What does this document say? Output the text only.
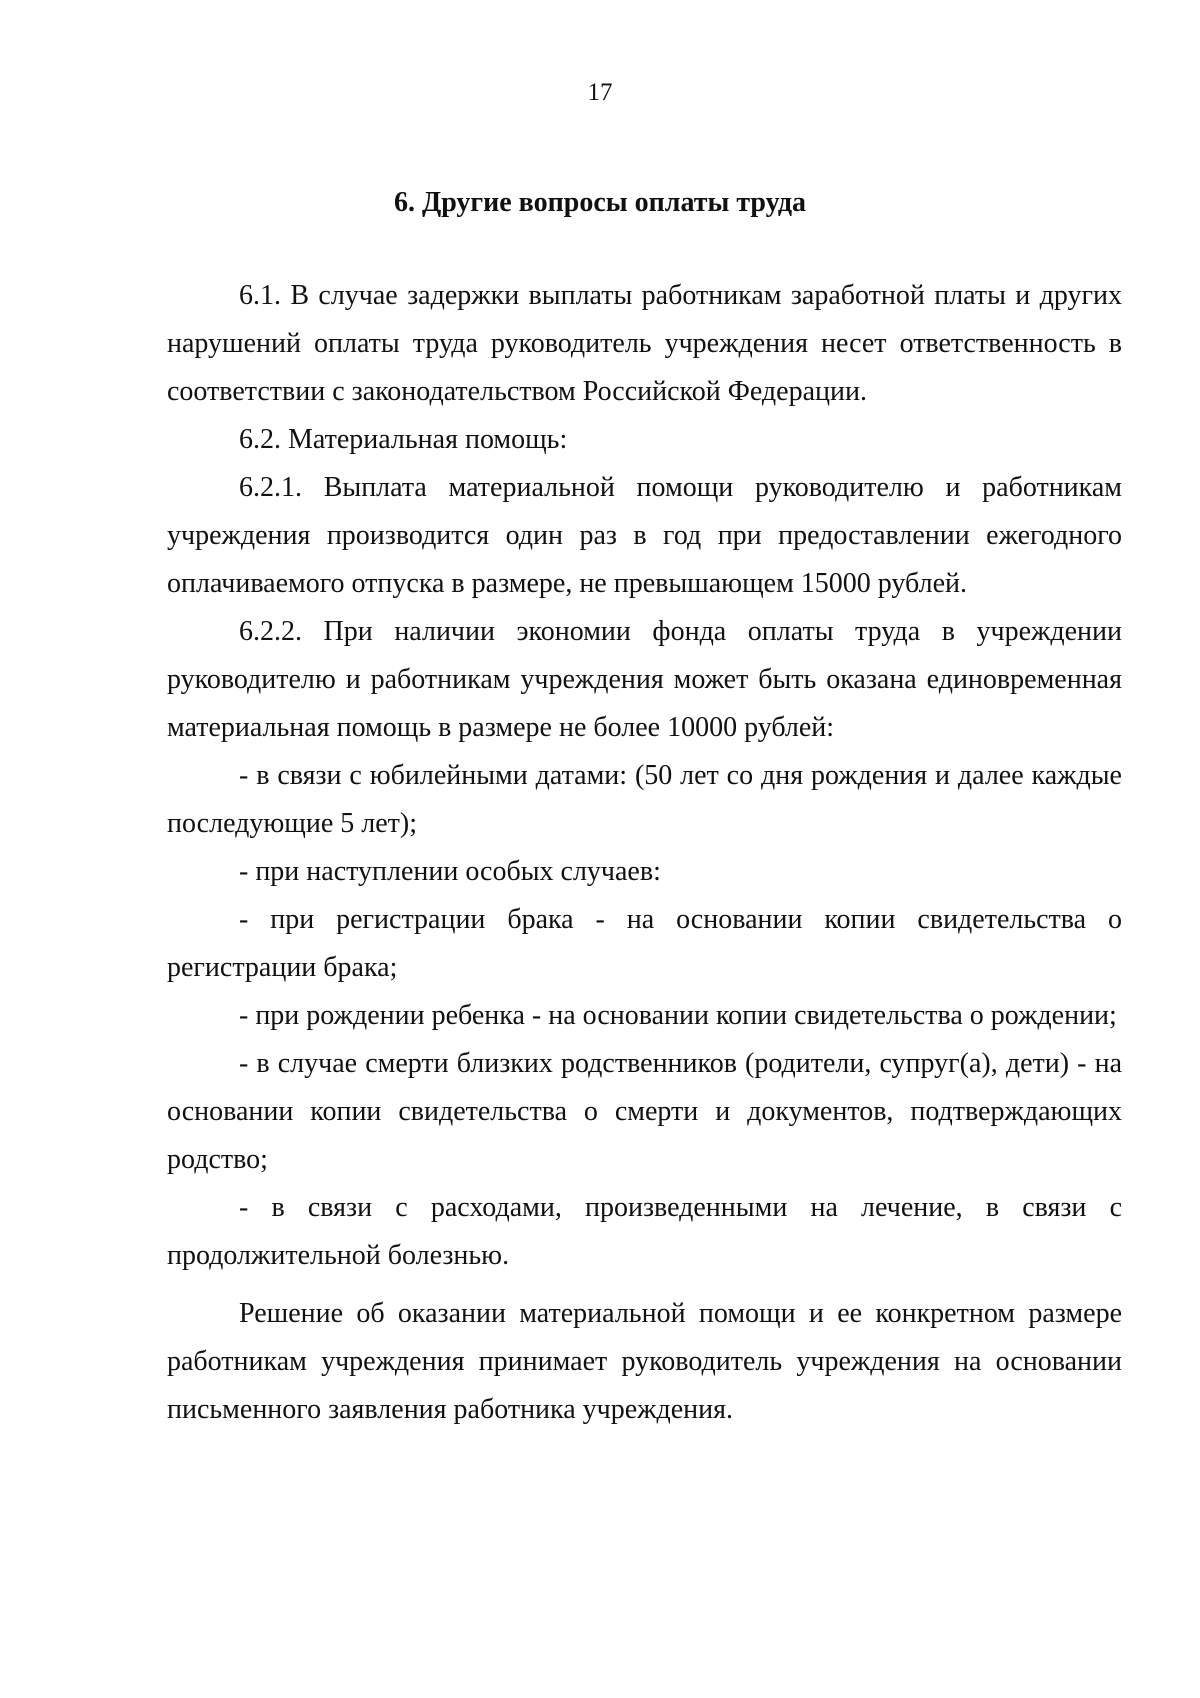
17
6. Другие вопросы оплаты труда

6.1. В случае задержки выплаты работникам заработной платы и других нарушений оплаты труда руководитель учреждения несет ответственность в соответствии с законодательством Российской Федерации.

6.2. Материальная помощь:

6.2.1. Выплата материальной помощи руководителю и работникам учреждения производится один раз в год при предоставлении ежегодного оплачиваемого отпуска в размере, не превышающем 15000 рублей.

6.2.2. При наличии экономии фонда оплаты труда в учреждении руководителю и работникам учреждения может быть оказана единовременная материальная помощь в размере не более 10000 рублей:

- в связи с юбилейными датами: (50 лет со дня рождения и далее каждые последующие 5 лет);

- при наступлении особых случаев:

- при регистрации брака - на основании копии свидетельства о регистрации брака;

- при рождении ребенка - на основании копии свидетельства о рождении;

- в случае смерти близких родственников (родители, супруг(а), дети) - на основании копии свидетельства о смерти и документов, подтверждающих родство;

- в связи с расходами, произведенными на лечение, в связи с продолжительной болезнью.

Решение об оказании материальной помощи и ее конкретном размере работникам учреждения принимает руководитель учреждения на основании письменного заявления работника учреждения.
